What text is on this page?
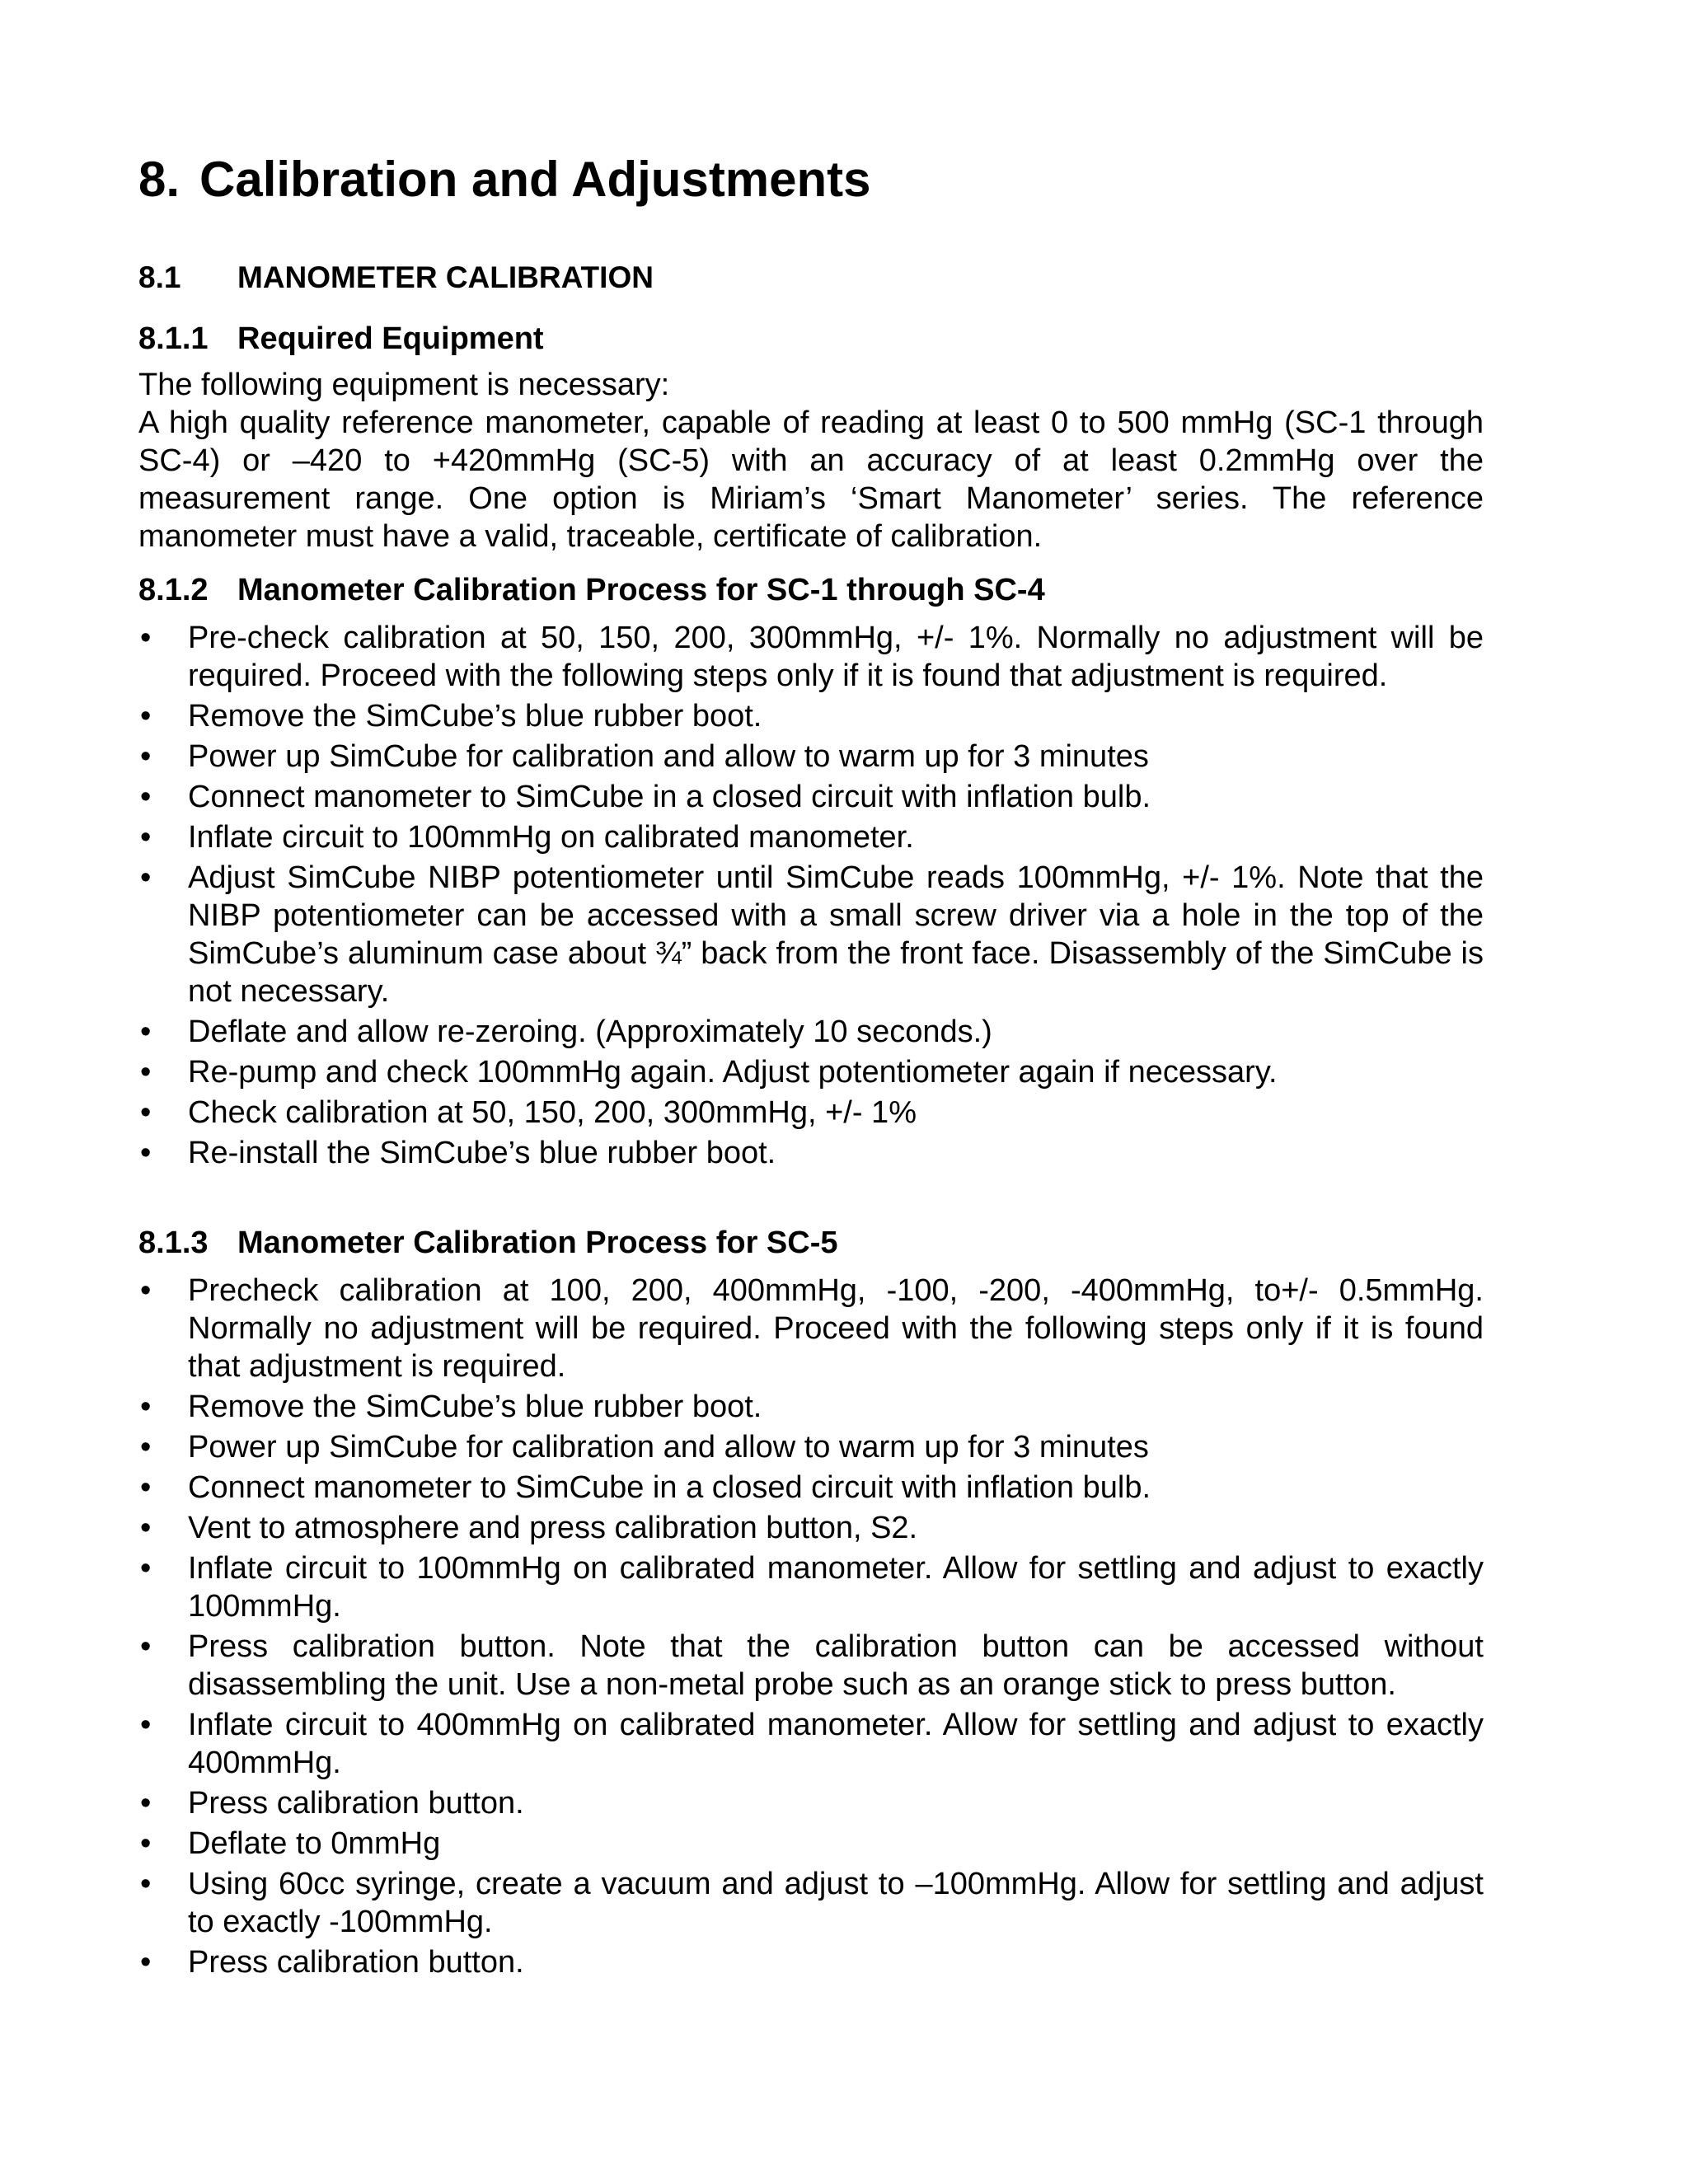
8. Calibration and Adjustments
8.1 MANOMETER CALIBRATION
8.1.1 Required Equipment

The following equipment is necessary:

A high quality reference manometer, capable of reading at least 0 to 500 mmHg (SC-1 through SC-4) or –420 to +420mmHg (SC-5) with an accuracy of at least 0.2mmHg over the measurement range. One option is Miriam’s ‘Smart Manometer’ series. The reference manometer must have a valid, traceable, certificate of calibration.

8.1.2 Manometer Calibration Process for SC-1 through SC-4
•	Pre-check calibration at 50, 150, 200, 300mmHg, +/- 1%. Normally no adjustment will be required. Proceed with the following steps only if it is found that adjustment is required.
•	Remove the SimCube’s blue rubber boot.
•	Power up SimCube for calibration and allow to warm up for 3 minutes
•	Connect manometer to SimCube in a closed circuit with inflation bulb.
•	Inflate circuit to 100mmHg on calibrated manometer.
•	Adjust SimCube NIBP potentiometer until SimCube reads 100mmHg, +/- 1%. Note that the NIBP potentiometer can be accessed with a small screw driver via a hole in the top of the SimCube’s aluminum case about ¾” back from the front face. Disassembly of the SimCube is not necessary.
•	Deflate and allow re-zeroing. (Approximately 10 seconds.)
•	Re-pump and check 100mmHg again. Adjust potentiometer again if necessary.
•	Check calibration at 50, 150, 200, 300mmHg, +/- 1%
•	Re-install the SimCube’s blue rubber boot.
8.1.3 Manometer Calibration Process for SC-5
•	Precheck calibration at 100, 200, 400mmHg, -100, -200, -400mmHg, to+/- 0.5mmHg. Normally no adjustment will be required. Proceed with the following steps only if it is found that adjustment is required.
•	Remove the SimCube’s blue rubber boot.
•	Power up SimCube for calibration and allow to warm up for 3 minutes
•	Connect manometer to SimCube in a closed circuit with inflation bulb.
•	Vent to atmosphere and press calibration button, S2.
•	Inflate circuit to 100mmHg on calibrated manometer. Allow for settling and adjust to exactly 100mmHg.
•	Press calibration button. Note that the calibration button can be accessed without disassembling the unit. Use a non-metal probe such as an orange stick to press button.
•	Inflate circuit to 400mmHg on calibrated manometer. Allow for settling and adjust to exactly 400mmHg.
•	Press calibration button.
•	Deflate to 0mmHg
•	Using 60cc syringe, create a vacuum and adjust to –100mmHg. Allow for settling and adjust to exactly -100mmHg.
•	Press calibration button.
